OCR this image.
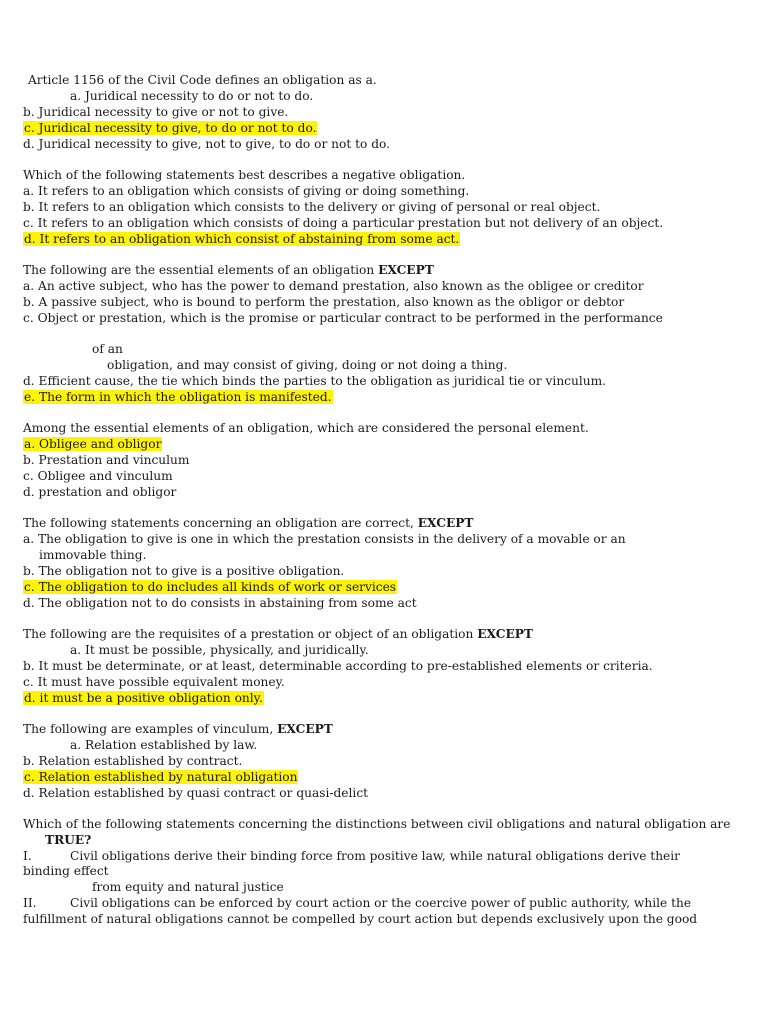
Article 1156 of the Civil Code defines an obligation as a.
a. Juridical necessity to do or not to do.
b. Juridical necessity to give or not to give.
c. Juridical necessity to give, to do or not to do.
d. Juridical necessity to give, not to give, to do or not to do.
Which of the following statements best describes a negative obligation.
a. It refers to an obligation which consists of giving or doing something.
b. It refers to an obligation which consists to the delivery or giving of personal or real object.
c. It refers to an obligation which consists of doing a particular prestation but not delivery of an object.
d. It refers to an obligation which consist of abstaining from some act.
The following are the essential elements of an obligation EXCEPT
a. An active subject, who has the power to demand prestation, also known as the obligee or creditor
b. A passive subject, who is bound to perform the prestation, also known as the obligor or debtor
c. Object or prestation, which is the promise or particular contract to be performed in the performance
of an
obligation, and may consist of giving, doing or not doing a thing.
d. Efficient cause, the tie which binds the parties to the obligation as juridical tie or vinculum.
e. The form in which the obligation is manifested.
Among the essential elements of an obligation, which are considered the personal element.
a. Obligee and obligor
b. Prestation and vinculum
c. Obligee and vinculum
d. prestation and obligor
The following statements concerning an obligation are correct, EXCEPT
a. The obligation to give is one in which the prestation consists in the delivery of a movable or an
immovable thing.
b. The obligation not to give is a positive obligation.
c. The obligation to do includes all kinds of work or services
d. The obligation not to do consists in abstaining from some act
The following are the requisites of a prestation or object of an obligation EXCEPT
a. It must be possible, physically, and juridically.
b. It must be determinate, or at least, determinable according to pre-established elements or criteria.
c. It must have possible equivalent money.
d. it must be a positive obligation only.
The following are examples of vinculum, EXCEPT
a. Relation established by law.
b. Relation established by contract.
c. Relation established by natural obligation
d. Relation established by quasi contract or quasi-delict
Which of the following statements concerning the distinctions between civil obligations and natural obligation are
TRUE?
I.	Civil obligations derive their binding force from positive law, while natural obligations derive their
binding effect
from equity and natural justice
II.	Civil obligations can be enforced by court action or the coercive power of public authority, while the
fulfillment of natural obligations cannot be compelled by court action but depends exclusively upon the good
